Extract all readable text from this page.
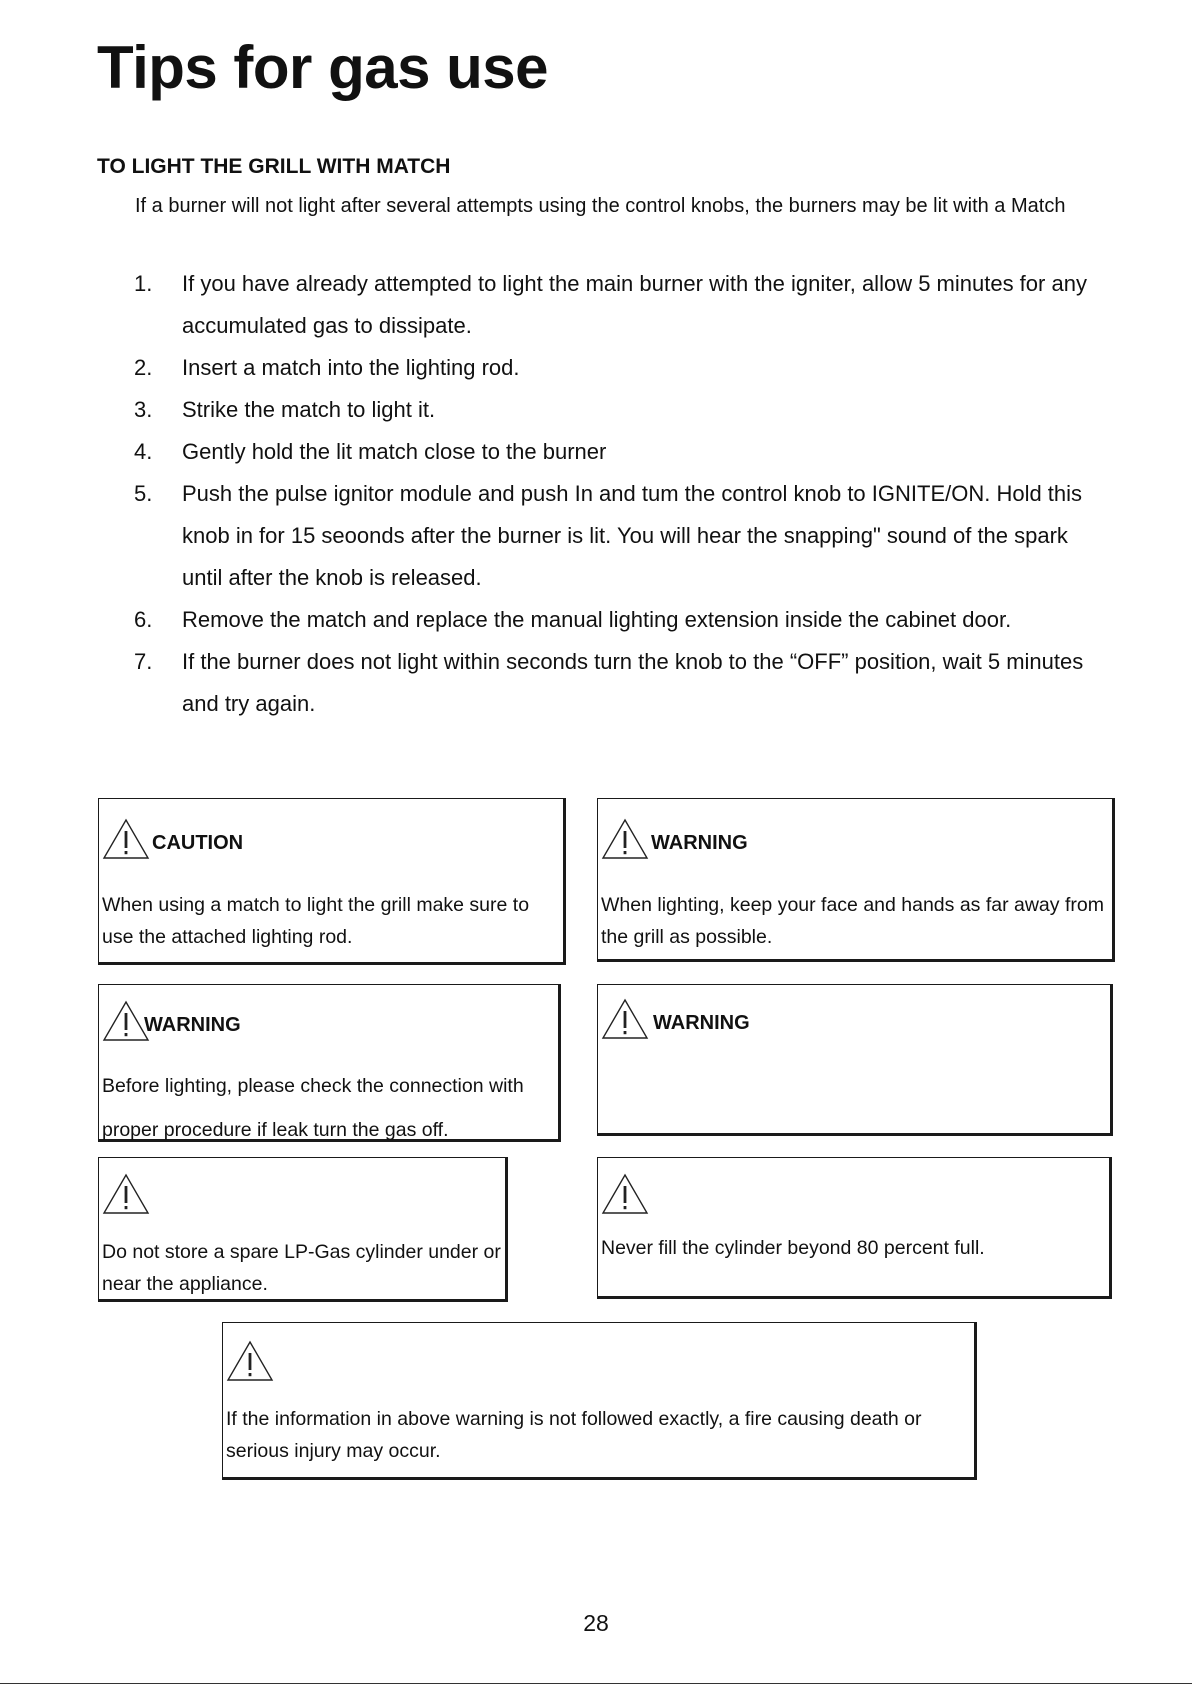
Tips for gas use
TO LIGHT THE GRILL WITH MATCH
If a burner will not light after several attempts using the control knobs, the burners may be lit with a Match
1.	If you have already attempted to light the main burner with the igniter, allow 5 minutes for any accumulated gas to dissipate.
2.	Insert a match into the lighting rod.
3.	Strike the match to light it.
4.	Gently hold the lit match close to the burner
5.	Push the pulse ignitor module and push In and tum the control knob to IGNITE/ON. Hold this knob in for 15 seoonds after the burner is lit. You will hear the snapping" sound of the spark until after the knob is released.
6.	Remove the match and replace the manual lighting extension inside the cabinet door.
7.	If the burner does not light within seconds turn the knob to the “OFF” position, wait 5 minutes and try again.
CAUTION
When using a match to light the grill make sure to use the attached lighting rod.
WARNING
When lighting, keep your face and hands as far away from the grill as possible.
WARNING
Before lighting, please check the connection with proper procedure if leak turn the gas off.
WARNING
Do not store a spare LP-Gas cylinder under or near the appliance.
Never fill the cylinder beyond 80 percent full.
If the information in above warning is not followed exactly, a fire causing death or serious injury may occur.
28
